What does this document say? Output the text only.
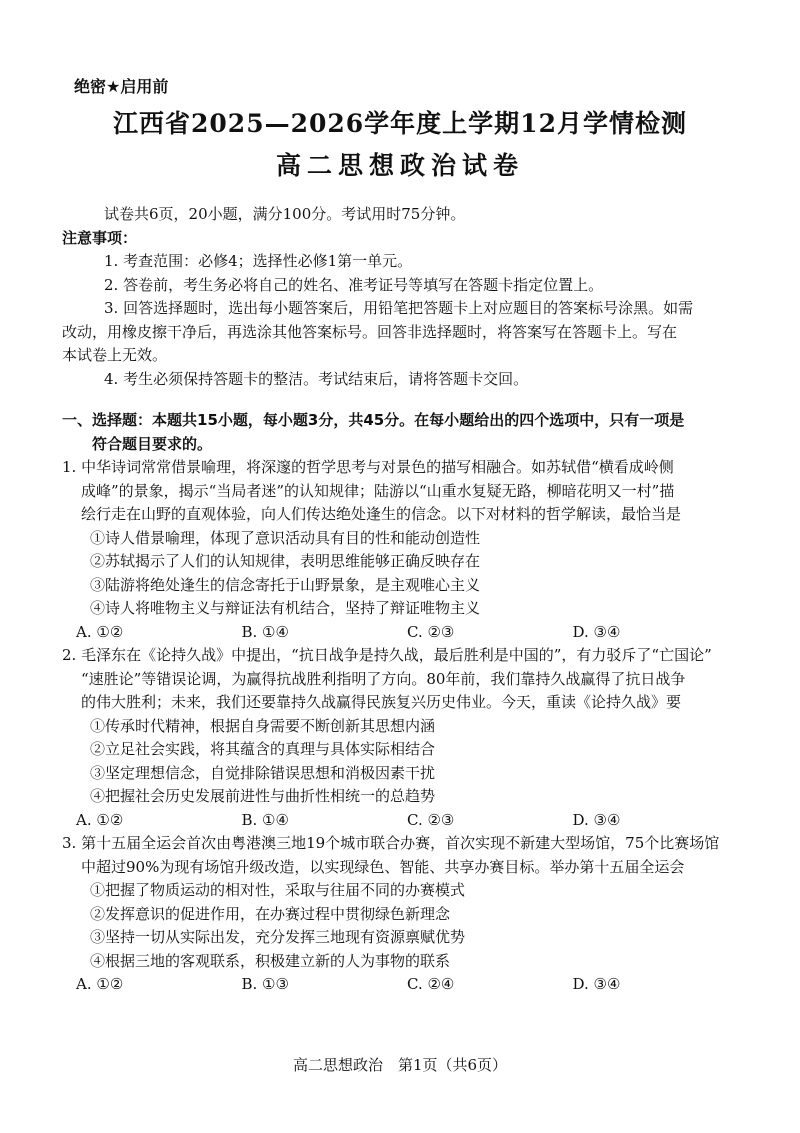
绝密★启用前
江西省2025—2026学年度上学期12月学情检测
高二思想政治试卷
试卷共6页，20小题，满分100分。考试用时75分钟。
注意事项：
1. 考查范围：必修4；选择性必修1第一单元。
2. 答卷前，考生务必将自己的姓名、准考证号等填写在答题卡指定位置上。
3. 回答选择题时，选出每小题答案后，用铅笔把答题卡上对应题目的答案标号涂黑。如需
改动，用橡皮擦干净后，再选涂其他答案标号。回答非选择题时，将答案写在答题卡上。写在
本试卷上无效。
4. 考生必须保持答题卡的整洁。考试结束后，请将答题卡交回。
一、选择题：本题共15小题，每小题3分，共45分。在每小题给出的四个选项中，只有一项是
符合题目要求的。
1. 中华诗词常常借景喻理，将深邃的哲学思考与对景色的描写相融合。如苏轼借“横看成岭侧
成峰”的景象，揭示“当局者迷”的认知规律；陆游以“山重水复疑无路，柳暗花明又一村”描
绘行走在山野的直观体验，向人们传达绝处逢生的信念。以下对材料的哲学解读，最恰当是
①诗人借景喻理，体现了意识活动具有目的性和能动创造性
②苏轼揭示了人们的认知规律，表明思维能够正确反映存在
③陆游将绝处逢生的信念寄托于山野景象，是主观唯心主义
④诗人将唯物主义与辩证法有机结合，坚持了辩证唯物主义
A. ①②	B. ①④	C. ②③	D. ③④
2. 毛泽东在《论持久战》中提出，“抗日战争是持久战，最后胜利是中国的”，有力驳斥了“亡国论”
“速胜论”等错误论调，为赢得抗战胜利指明了方向。80年前，我们靠持久战赢得了抗日战争
的伟大胜利；未来，我们还要靠持久战赢得民族复兴历史伟业。今天，重读《论持久战》要
①传承时代精神，根据自身需要不断创新其思想内涵
②立足社会实践，将其蕴含的真理与具体实际相结合
③坚定理想信念，自觉排除错误思想和消极因素干扰
④把握社会历史发展前进性与曲折性相统一的总趋势
A. ①②	B. ①④	C. ②③	D. ③④
3. 第十五届全运会首次由粤港澳三地19个城市联合办赛，首次实现不新建大型场馆，75个比赛场馆
中超过90%为现有场馆升级改造，以实现绿色、智能、共享办赛目标。举办第十五届全运会
①把握了物质运动的相对性，采取与往届不同的办赛模式
②发挥意识的促进作用，在办赛过程中贯彻绿色新理念
③坚持一切从实际出发，充分发挥三地现有资源禀赋优势
④根据三地的客观联系，积极建立新的人为事物的联系
A. ①②	B. ①③	C. ②④	D. ③④
高二思想政治　第1页（共6页）
